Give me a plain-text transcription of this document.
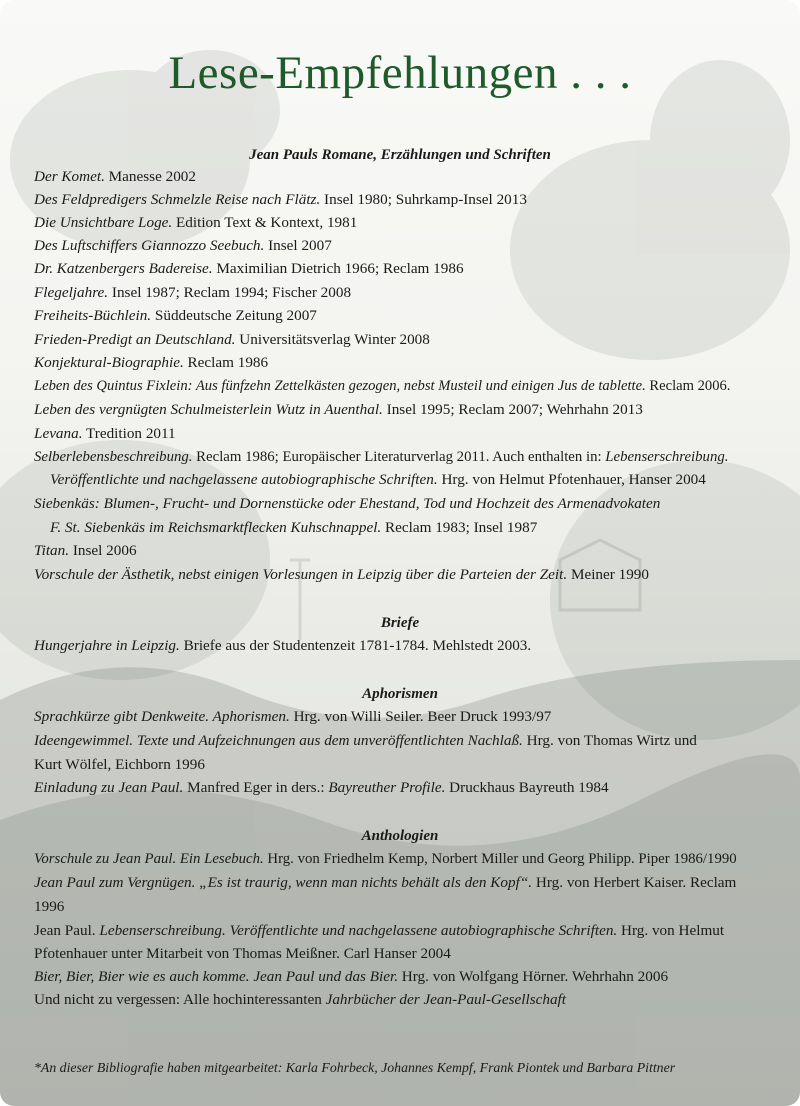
Lese-Empfehlungen . . .
Jean Pauls Romane, Erzählungen und Schriften
Der Komet. Manesse 2002
Des Feldpredigers Schmelzle Reise nach Flätz. Insel 1980; Suhrkamp-Insel 2013
Die Unsichtbare Loge. Edition Text & Kontext, 1981
Des Luftschiffers Giannozzo Seebuch. Insel 2007
Dr. Katzenbergers Badereise. Maximilian Dietrich 1966; Reclam 1986
Flegeljahre. Insel 1987; Reclam 1994; Fischer 2008
Freiheits-Büchlein. Süddeutsche Zeitung 2007
Frieden-Predigt an Deutschland. Universitätsverlag Winter 2008
Konjektural-Biographie. Reclam 1986
Leben des Quintus Fixlein: Aus fünfzehn Zettelkästen gezogen, nebst Musteil und einigen Jus de tablette. Reclam 2006.
Leben des vergnügten Schulmeisterlein Wutz in Auenthal. Insel 1995; Reclam 2007; Wehrhahn 2013
Levana. Tredition 2011
Selberlebensbeschreibung. Reclam 1986; Europäischer Literaturverlag 2011. Auch enthalten in: Lebenserschreibung.
Veröffentlichte und nachgelassene autobiographische Schriften. Hrg. von Helmut Pfotenhauer, Hanser 2004
Siebenkäs: Blumen-, Frucht- und Dornenstücke oder Ehestand, Tod und Hochzeit des Armenadvokaten
F. St. Siebenkäs im Reichsmarktflecken Kuhschnappel. Reclam 1983; Insel 1987
Titan. Insel 2006
Vorschule der Ästhetik, nebst einigen Vorlesungen in Leipzig über die Parteien der Zeit. Meiner 1990
Briefe
Hungerjahre in Leipzig. Briefe aus der Studentenzeit 1781-1784. Mehlstedt 2003.
Aphorismen
Sprachkürze gibt Denkweite. Aphorismen. Hrg. von Willi Seiler. Beer Druck 1993/97
Ideengewimmel. Texte und Aufzeichnungen aus dem unveröffentlichten Nachlaß. Hrg. von Thomas Wirtz und
Kurt Wölfel, Eichborn 1996
Einladung zu Jean Paul. Manfred Eger in ders.: Bayreuther Profile. Druckhaus Bayreuth 1984
Anthologien
Vorschule zu Jean Paul. Ein Lesebuch. Hrg. von Friedhelm Kemp, Norbert Miller und Georg Philipp. Piper 1986/1990
Jean Paul zum Vergnügen. „Es ist traurig, wenn man nichts behält als den Kopf“. Hrg. von Herbert Kaiser. Reclam
1996
Jean Paul. Lebenserschreibung. Veröffentlichte und nachgelassene autobiographische Schriften. Hrg. von Helmut
Pfotenhauer unter Mitarbeit von Thomas Meißner. Carl Hanser 2004
Bier, Bier, Bier wie es auch komme. Jean Paul und das Bier. Hrg. von Wolfgang Hörner. Wehrhahn 2006
Und nicht zu vergessen: Alle hochinteressanten Jahrbücher der Jean-Paul-Gesellschaft
*An dieser Bibliografie haben mitgearbeitet: Karla Fohrbeck, Johannes Kempf, Frank Piontek und Barbara Pittner
